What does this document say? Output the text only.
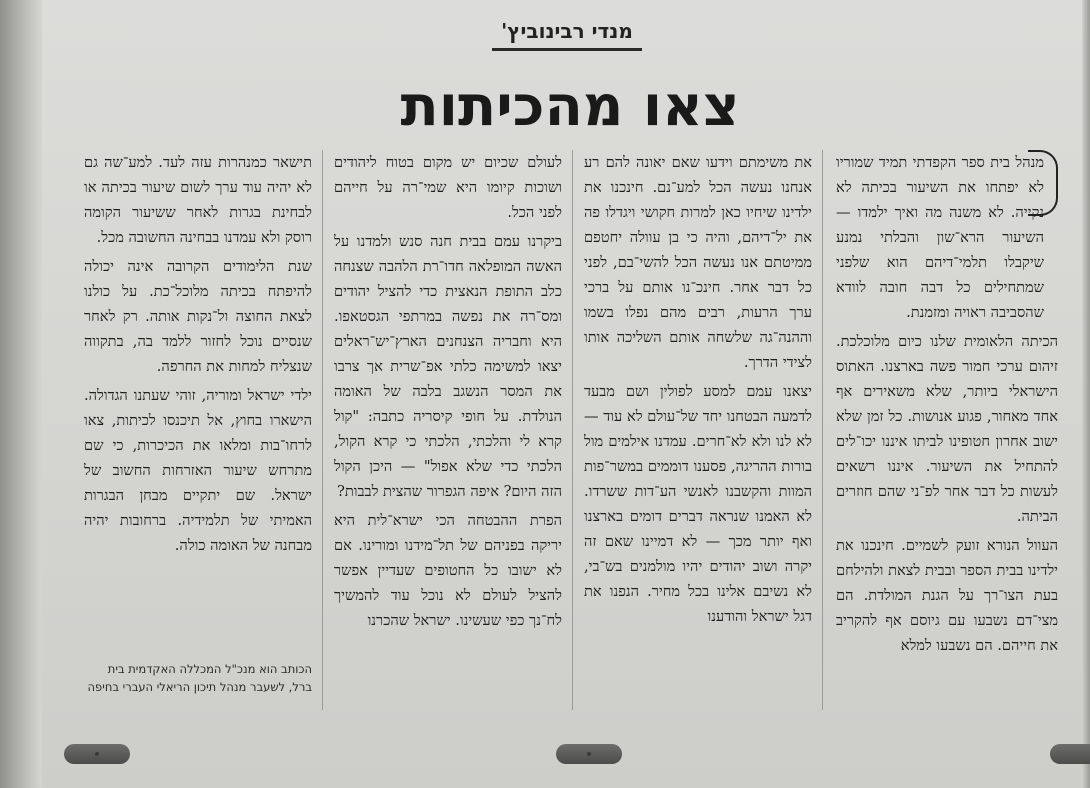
מנדי רבינוביץ'
צאו מהכיתות

מנהל בית ספר הקפדתי תמיד שמוריו לא יפתחו את השיעור בכיתה לא נקייה. לא משנה מה ואיך ילמדו — השיעור הרא־שון והבלתי נמנע שיקבלו תלמי־דיהם הוא שלפני שמתחילים כל דבה חובה לוודא שהסביבה ראויה ומזמנת.

הכיתה הלאומית שלנו כיום מלוכלכת. זיהום ערכי חמור פשה בארצנו. האתוס הישראלי ביותר, שלא משאירים אף אחד מאחור, פגוע אנושות. כל זמן שלא ישוב אחרון חטופינו לביתו איננו יכו־לים להתחיל את השיעור. איננו רשאים לעשות כל דבר אחר לפ־ני שהם חוזרים הביתה.

העוול הנורא זועק לשמיים. חינכנו את ילדינו בבית הספר ובבית לצאת ולהילחם בעת הצו־רך על הגנת המולדת. הם מצי־דם נשבעו עם גיוסם אף להקריב את חייהם. הם נשבעו למלא

את משימתם וידעו שאם יאונה להם רע אנחנו נעשה הכל למע־נם. חינכנו את ילדינו שיחיו כאן למרות חקושי ויגדלו פה את יל־דיהם, והיה כי בן עוולה יחטפם ממיטתם אנו נעשה הכל להשי־בם, לפני כל דבר אחר. חינכ־נו אותם על ברכי ערך הרעות, רבים מהם נפלו בשמו וההנה־גה שלשחה אותם השליכה אותו לצידי הדרך.

יצאנו עמם למסע לפולין ושם מבעד לדמעה הבטחנו יחד של־עולם לא עוד — לא לנו ולא לא־חרים. עמדנו אילמים מול בורות ההריגה, פסענו דוממים במשר־פות המוות והקשבנו לאנשי הע־דות ששרדו. לא האמנו שנראה דברים דומים בארצנו ואף יותר מכך — לא דמיינו שאם זה יקרה ושוב יהודים יהיו מולמנים בש־בי, לא נשיבם אלינו בכל מחיר. הנפנו את דגל ישראל והודענו

לעולם שכיום יש מקום בטוח ליהודים ושוכות קיומו היא שמי־רה על חייהם לפני הכל.

ביקרנו עמם בבית חנה סנש ולמדנו על האשה המופלאה חדו־רת הלהבה שצנחה כלב התופת הנאצית כדי להציל יהודים ומס־רה את נפשה במרתפי הגסטאפו. היא וחבריה הצנחנים הארץ־יש־ראלים יצאו למשימה כלתי אפ־שרית אך צרבו את המסר הנשגב בלבה של האומה הנולדת. על חופי קיסריה כתבה: "קול קרא לי והלכתי, הלכתי כי קרא הקול, הלכתי כדי שלא אפול" — היכן הקול הזה היום? איפה הגפרור שהצית לבבות?

הפרת ההבטחה הכי ישרא־לית היא יריקה בפניהם של תל־מידנו ומורינו. אם לא ישובו כל החטופים שעדיין אפשר להציל לעולם לא נוכל עוד להמשיך לח־נך כפי שעשינו. ישראל שהכרנו

תישאר כמנהרות עזה לעד. למע־שה גם לא יהיה עוד ערך לשום שיעור בכיתה או לבחינת בגרות לאחר ששיעור הקומה רוסק ולא עמדנו בבחינה החשובה מכל.

שנת הלימודים הקרובה אינה יכולה להיפתח בכיתה מלוכל־כת. על כולנו לצאת החוצה ול־נקות אותה. רק לאחר שנסיים נוכל לחזור ללמד בה, בתקווה שנצליח למחות את החרפה.

ילדי ישראל ומוריה, זוהי שעתנו הגדולה. הישארו בחוץ, אל תיכנסו לכיתות, צאו לרחו־בות ומלאו את הכיכרות, כי שם מתרחש שיעור האזרחות החשוב של ישראל. שם יתקיים מבחן הבגרות האמיתי של תלמידיה. ברחובות יהיה מבחנה של האומה כולה.

הכותב הוא מנכ"ל המכללה האקדמית בית ברל, לשעבר מנהל תיכון הריאלי העברי בחיפה
